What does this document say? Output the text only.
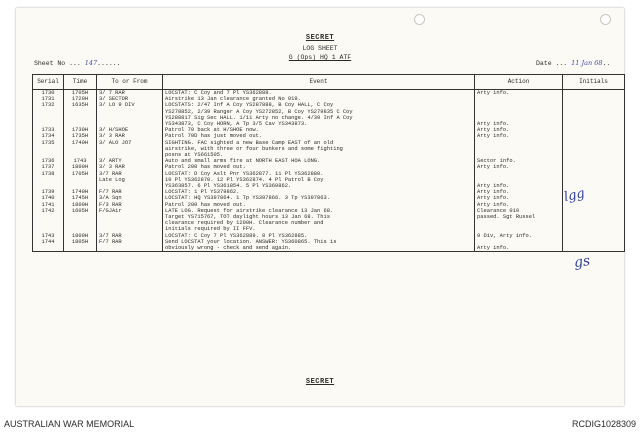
SECRET
LOG SHEET
G (Ops) HQ 1 ATF
Sheet No ... 147......	Date ... 11 Jan 68..
Serial	Time	To or From	Event	Action	Initials
1730	1705H	3/ 7 RAR	LOCSTAT: C Coy and 7 Pl YS362888.	Arty info.	

1731	1720H	3/ SECTOR	Airstrike 13 Jan clearance granted No 019.		

1732	1635H	3/ LO 9 DIV	LOCSTATS: 2/47 Inf A Coy YS287888, B Coy HALL, C Coy
YS278852, 2/39 Ranger A Coy YS272852, B Coy YS279835 C Coy
YS288817 Sig Sec HALL. 1/11 Arty no change. 4/39 Inf A Coy
YS343873, C Coy HORN, A Tp 3/5 Cav YS343873.	Arty info.	

1733	1730H	3/ H/SHOE	Patrol 70 back at H/SHOE now.	Arty info.	

1734	1735H	3/ 3 RAR	Patrol 70D has just moved out.	Arty info.	

1735	1740H	3/ ALO JO7	SIGHTING. FAC sighted a new Base Camp EAST of an old
airstrike, with three or four bunkers and some fighting
posns at YS661505.		

1736	1743	3/ ARTY	Auto and small arms fire at NORTH EAST HOA LONG.	Sector info.	

1737	1800H	3/ 3 RAR	Patrol 200 has moved out.	Arty info.	

1738	1705H	3/7 RAR
Late Log	LOCSTAT: D Coy Aslt Pnr YS362877. 11 Pl YS362880.
10 Pl YS362870. 12 Pl YS362874. 4 Pl Patrol B Coy
YS363857. 6 Pl YS361854. 5 Pl YS360862.	Arty info.	

1739	1740H	F/7 RAR	LOCSTAT: 1 Pl YS379862.	Arty info.	

1740	1745H	3/A Sqn	LOCSTAT: HQ YS397864. 1 Tp YS397866. 3 Tp YS397863.	Arty info.	

1741	1800H	F/3 RAR	Patrol 200 has moved out.	Arty info.	

1742	1605H	F/GJAir	LATE LOG. Request for airstrike clearance 13 Jan 68.
Target YS715767, TOT daylight hours 13 Jan 68. This
clearance required by 1200H. Clearance number and
initials required by II FFV.	Clearance 019
passed. Sgt Russel	

1743	1800H	3/7 RAR	LOCSTAT: C Coy 7 Pl YS362889. 8 Pl YS362885.	9 Div, Arty info.	

1744	1805H	F/7 RAR	Send LOCSTAT your location. ANSWER: YS360865. This is
obviously wrong - check and send again.	Arty info.	

lgg
gs
SECRET
AUSTRALIAN WAR MEMORIAL	RCDIG1028309
